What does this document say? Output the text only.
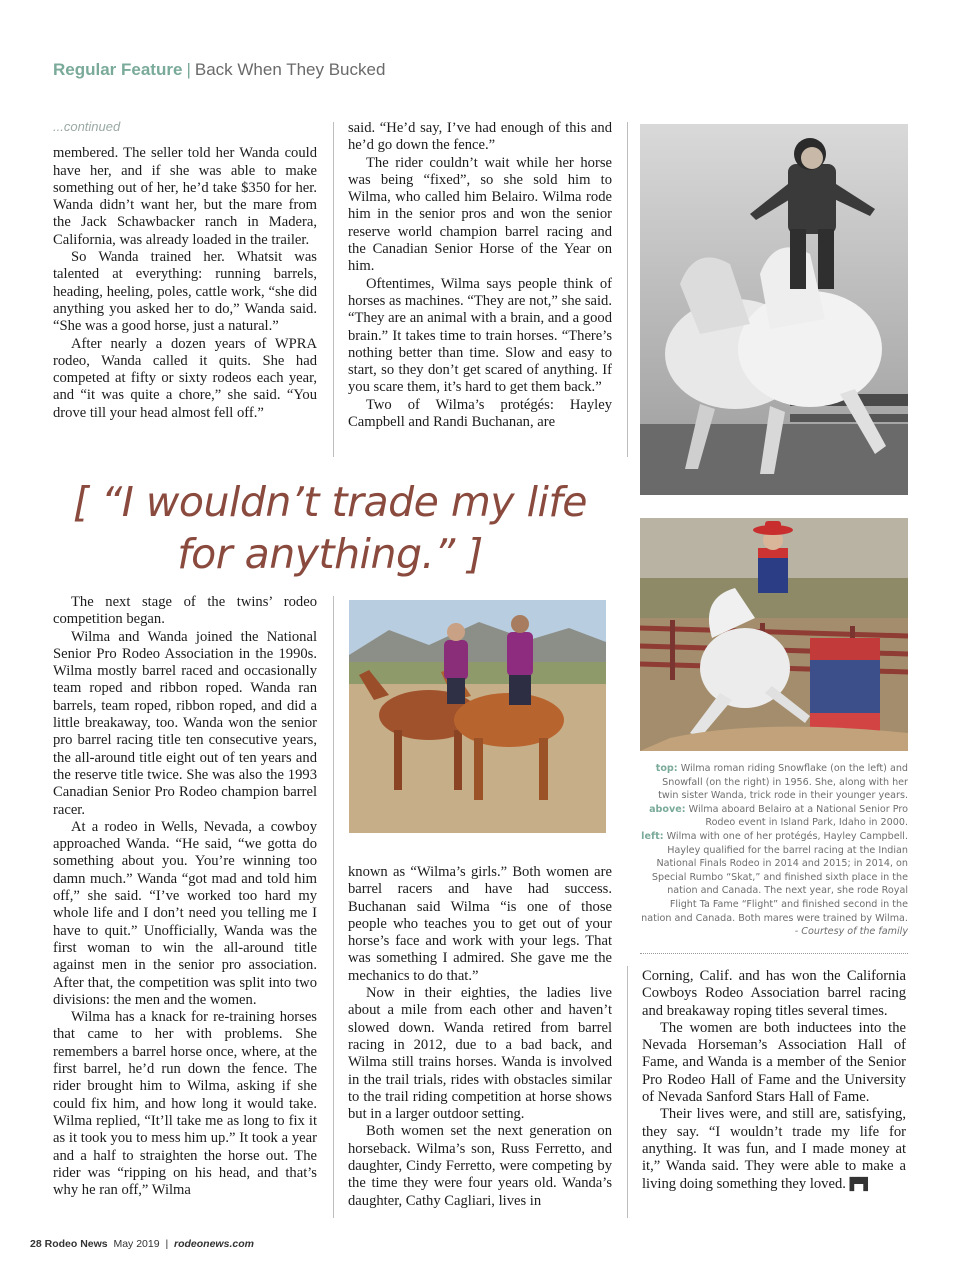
Regular Feature | Back When They Bucked
...continued

membered. The seller told her Wanda could have her, and if she was able to make something out of her, he’d take $350 for her. Wanda didn’t want her, but the mare from the Jack Schawbacker ranch in Madera, California, was already loaded in the trailer.

So Wanda trained her. Whatsit was talented at everything: running barrels, heading, heeling, poles, cattle work, “she did anything you asked her to do,” Wanda said. “She was a good horse, just a natural.”

After nearly a dozen years of WPRA rodeo, Wanda called it quits. She had competed at fifty or sixty rodeos each year, and “it was quite a chore,” she said. “You drove till your head almost fell off.”

said. “He’d say, I’ve had enough of this and he’d go down the fence.”

The rider couldn’t wait while her horse was being “fixed”, so she sold him to Wilma, who called him Belairo. Wilma rode him in the senior pros and won the senior reserve world champion barrel racing and the Canadian Senior Horse of the Year on him.

Oftentimes, Wilma says people think of horses as machines. “They are not,” she said. “They are an animal with a brain, and a good brain.” It takes time to train horses. “There’s nothing better than time. Slow and easy to start, so they don’t get scared of anything. If you scare them, it’s hard to get them back.”

Two of Wilma’s protégés: Hayley Campbell and Randi Buchanan, are

[ “I wouldn’t trade my life for anything.” ]
top: Wilma roman riding Snowflake (on the left) and Snowfall (on the right) in 1956. She, along with her twin sister Wanda, trick rode in their younger years.
above: Wilma aboard Belairo at a National Senior Pro Rodeo event in Island Park, Idaho in 2000.
left: Wilma with one of her protégés, Hayley Campbell. Hayley qualified for the barrel racing at the Indian National Finals Rodeo in 2014 and 2015; in 2014, on Special Rumbo “Skat,” and finished sixth place in the nation and Canada. The next year, she rode Royal Flight Ta Fame “Flight” and finished second in the nation and Canada. Both mares were trained by Wilma.
- Courtesy of the family

The next stage of the twins’ rodeo competition began.

Wilma and Wanda joined the National Senior Pro Rodeo Association in the 1990s. Wilma mostly barrel raced and occasionally team roped and ribbon roped. Wanda ran barrels, team roped, ribbon roped, and did a little breakaway, too. Wanda won the senior pro barrel racing title ten consecutive years, the all-around title eight out of ten years and the reserve title twice. She was also the 1993 Canadian Senior Pro Rodeo champion barrel racer.

At a rodeo in Wells, Nevada, a cowboy approached Wanda. “He said, “we gotta do something about you. You’re winning too damn much.” Wanda “got mad and told him off,” she said. “I’ve worked too hard my whole life and I don’t need you telling me I have to quit.” Unofficially, Wanda was the first woman to win the all-around title against men in the senior pro association. After that, the competition was split into two divisions: the men and the women.

Wilma has a knack for re-training horses that came to her with problems. She remembers a barrel horse once, where, at the first barrel, he’d run down the fence. The rider brought him to Wilma, asking if she could fix him, and how long it would take. Wilma replied, “It’ll take me as long to fix it as it took you to mess him up.” It took a year and a half to straighten the horse out. The rider was “ripping on his head, and that’s why he ran off,” Wilma

known as “Wilma’s girls.” Both women are barrel racers and have had success. Buchanan said Wilma “is one of those people who teaches you to get out of your horse’s face and work with your legs. That was something I admired. She gave me the mechanics to do that.”

Now in their eighties, the ladies live about a mile from each other and haven’t slowed down. Wanda retired from barrel racing in 2012, due to a bad back, and Wilma still trains horses. Wanda is involved in the trail trials, rides with obstacles similar to the trail riding competition at horse shows but in a larger outdoor setting.

Both women set the next generation on horseback. Wilma’s son, Russ Ferretto, and daughter, Cindy Ferretto, were competing by the time they were four years old. Wanda’s daughter, Cathy Cagliari, lives in

Corning, Calif. and has won the California Cowboys Rodeo Association barrel racing and breakaway roping titles several times.

The women are both inductees into the Nevada Horseman’s Association Hall of Fame, and Wanda is a member of the Senior Pro Rodeo Hall of Fame and the University of Nevada Sanford Stars Hall of Fame.

Their lives were, and still are, satisfying, they say. “I wouldn’t trade my life for anything. It was fun, and I made money at it,” Wanda said. They were able to make a living doing something they loved. ▛▜

28 Rodeo News May 2019 | rodeonews.com
